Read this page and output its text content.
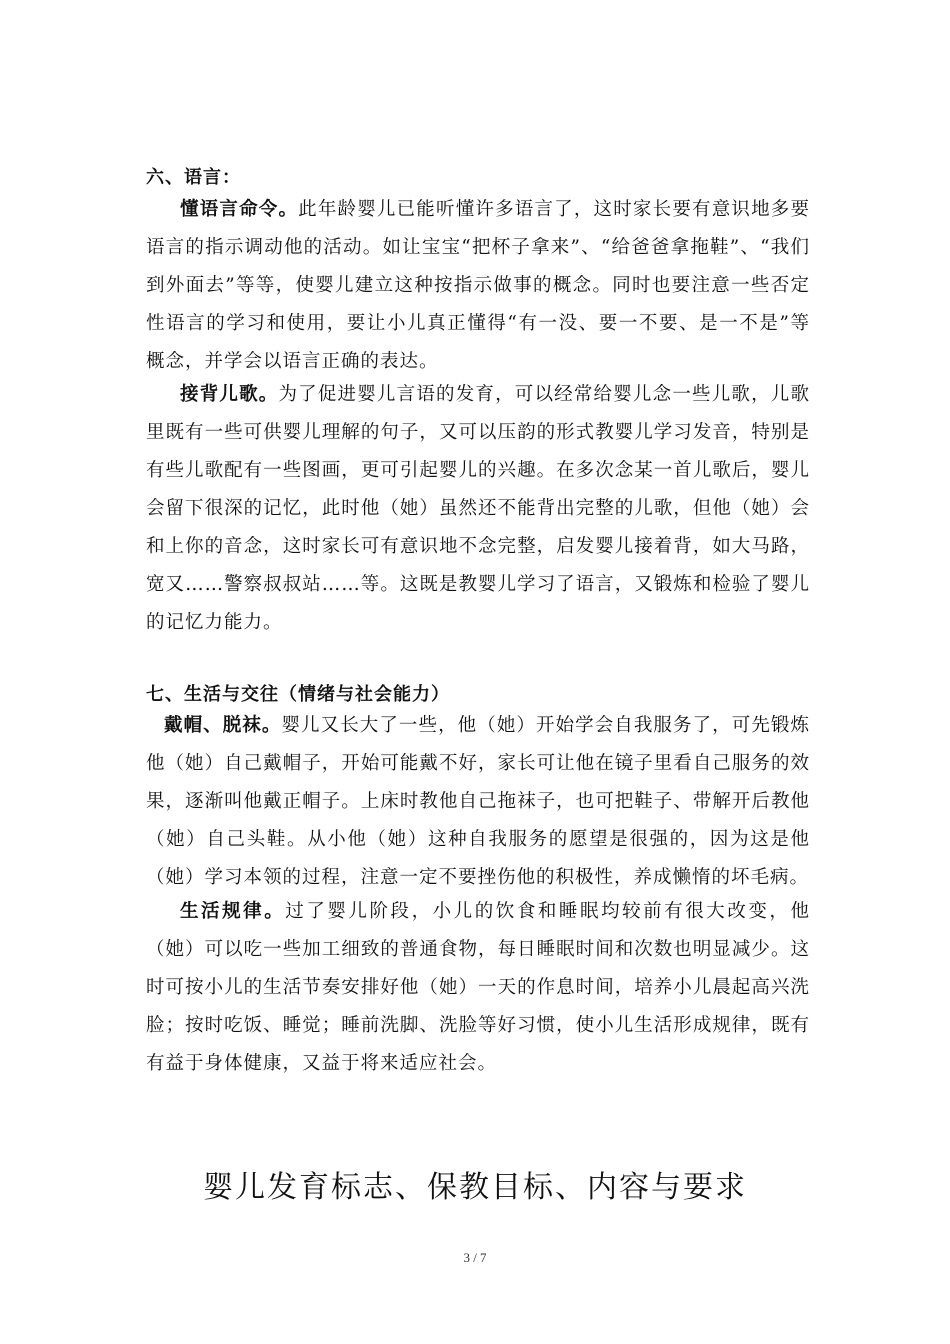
六、语言：

懂语言命令。此年龄婴儿已能听懂许多语言了，这时家长要有意识地多要语言的指示调动他的活动。如让宝宝“把杯子拿来”、“给爸爸拿拖鞋”、“我们到外面去”等等，使婴儿建立这种按指示做事的概念。同时也要注意一些否定性语言的学习和使用，要让小儿真正懂得“有一没、要一不要、是一不是”等概念，并学会以语言正确的表达。

接背儿歌。为了促进婴儿言语的发育，可以经常给婴儿念一些儿歌，儿歌里既有一些可供婴儿理解的句子，又可以压韵的形式教婴儿学习发音，特别是有些儿歌配有一些图画，更可引起婴儿的兴趣。在多次念某一首儿歌后，婴儿会留下很深的记忆，此时他（她）虽然还不能背出完整的儿歌，但他（她）会和上你的音念，这时家长可有意识地不念完整，启发婴儿接着背，如大马路，宽又……警察叔叔站……等。这既是教婴儿学习了语言，又锻炼和检验了婴儿的记忆力能力。

七、生活与交往（情绪与社会能力）

戴帽、脱袜。婴儿又长大了一些，他（她）开始学会自我服务了，可先锻炼他（她）自己戴帽子，开始可能戴不好，家长可让他在镜子里看自己服务的效果，逐渐叫他戴正帽子。上床时教他自己拖袜子，也可把鞋子、带解开后教他（她）自己头鞋。从小他（她）这种自我服务的愿望是很强的，因为这是他（她）学习本领的过程，注意一定不要挫伤他的积极性，养成懒惰的坏毛病。

生活规律。过了婴儿阶段，小儿的饮食和睡眠均较前有很大改变，他（她）可以吃一些加工细致的普通食物，每日睡眠时间和次数也明显减少。这时可按小儿的生活节奏安排好他（她）一天的作息时间，培养小儿晨起高兴洗脸；按时吃饭、睡觉；睡前洗脚、洗脸等好习惯，使小儿生活形成规律，既有有益于身体健康，又益于将来适应社会。

婴儿发育标志、保教目标、内容与要求
3 / 7
